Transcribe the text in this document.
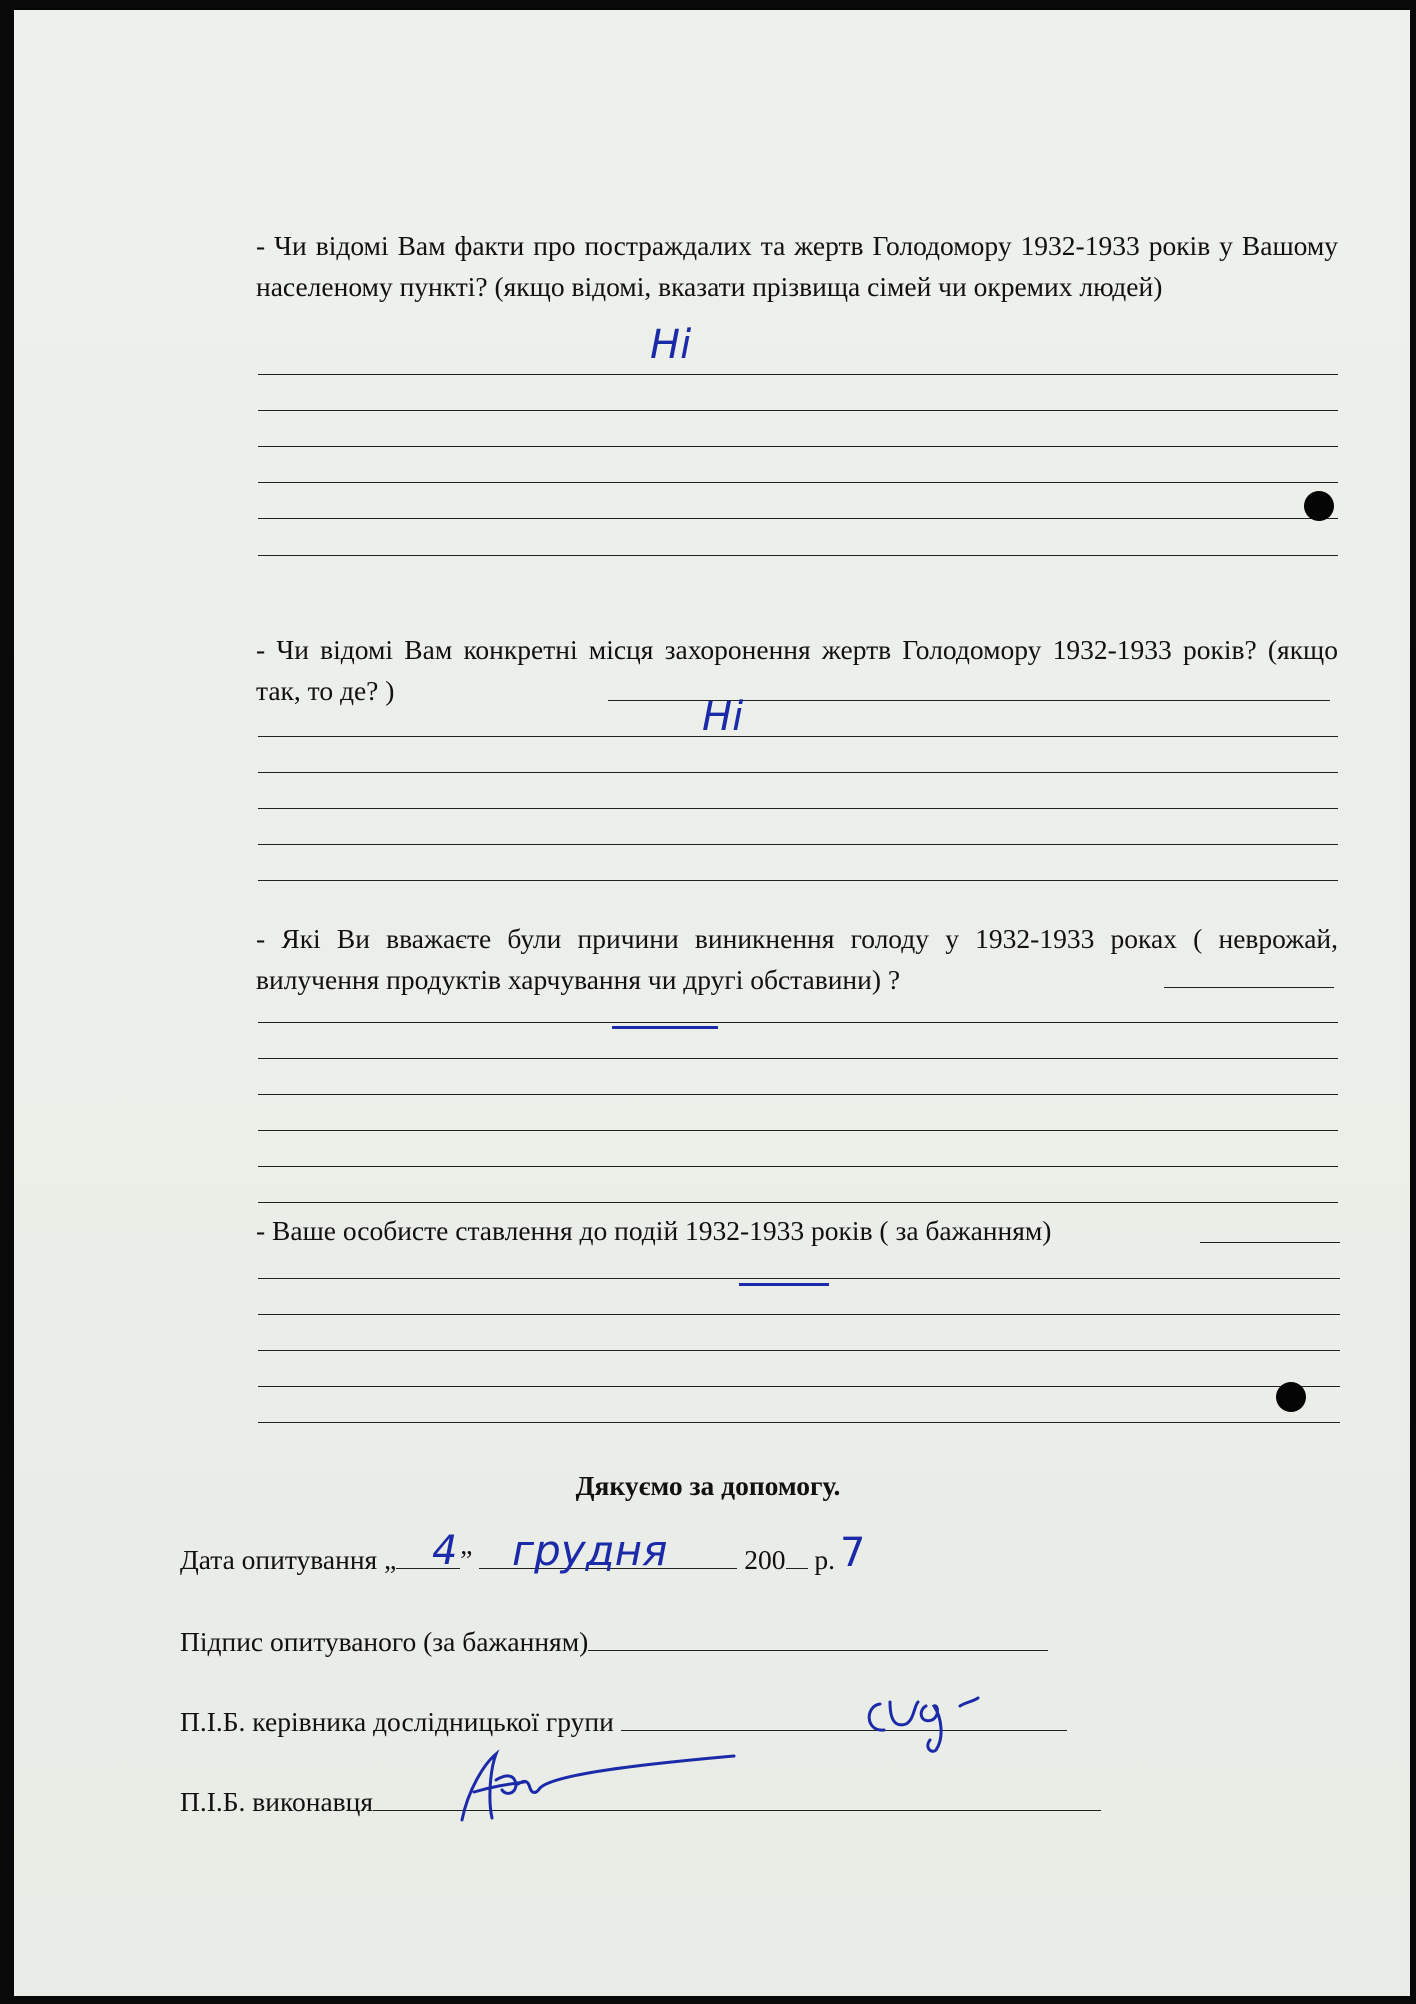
- Чи відомі Вам факти про постраждалих та жертв Голодомору 1932-1933 років у Вашому населеному пункті? (якщо відомі, вказати прізвища сімей чи окремих людей)
Ні
- Чи відомі Вам конкретні місця захоронення жертв Голодомору 1932-1933 років? (якщо так, то де? )
Ні
- Які Ви вважаєте були причини виникнення голоду у 1932-1933 роках ( неврожай, вилучення продуктів харчування чи другі обставини) ?
- Ваше особисте ставлення до подій 1932-1933 років ( за бажанням)
Дякуємо за допомогу.
Дата опитування „ ”	200 р.
4 грудня	7
Підпис опитуваного (за бажанням)
П.І.Б. керівника дослідницької групи
П.І.Б. виконавця
